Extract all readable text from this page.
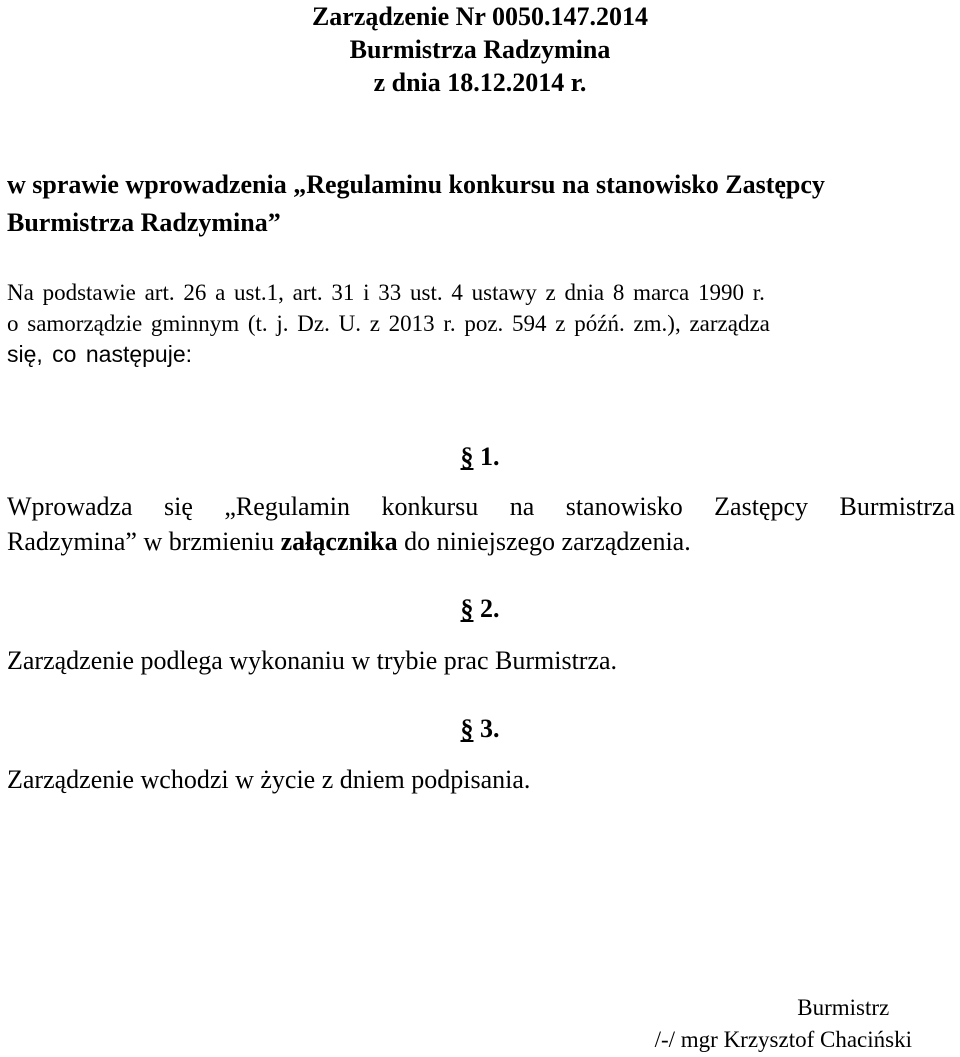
Zarządzenie Nr 0050.147.2014
Burmistrza Radzymina
z dnia 18.12.2014 r.
w sprawie wprowadzenia „Regulaminu konkursu na stanowisko Zastępcy
Burmistrza Radzymina”
Na podstawie art. 26 a ust.1, art. 31 i 33 ust. 4 ustawy z dnia 8 marca 1990 r.
o samorządzie gminnym (t. j. Dz. U. z 2013 r. poz. 594 z późń. zm.), zarządza
się, co następuje:
§ 1.
Wprowadza się „Regulamin konkursu na stanowisko Zastępcy Burmistrza
Radzymina” w brzmieniu załącznika do niniejszego zarządzenia.
§ 2.
Zarządzenie podlega wykonaniu w trybie prac Burmistrza.
§ 3.
Zarządzenie wchodzi w życie z dniem podpisania.
Burmistrz
/-/ mgr Krzysztof Chaciński
